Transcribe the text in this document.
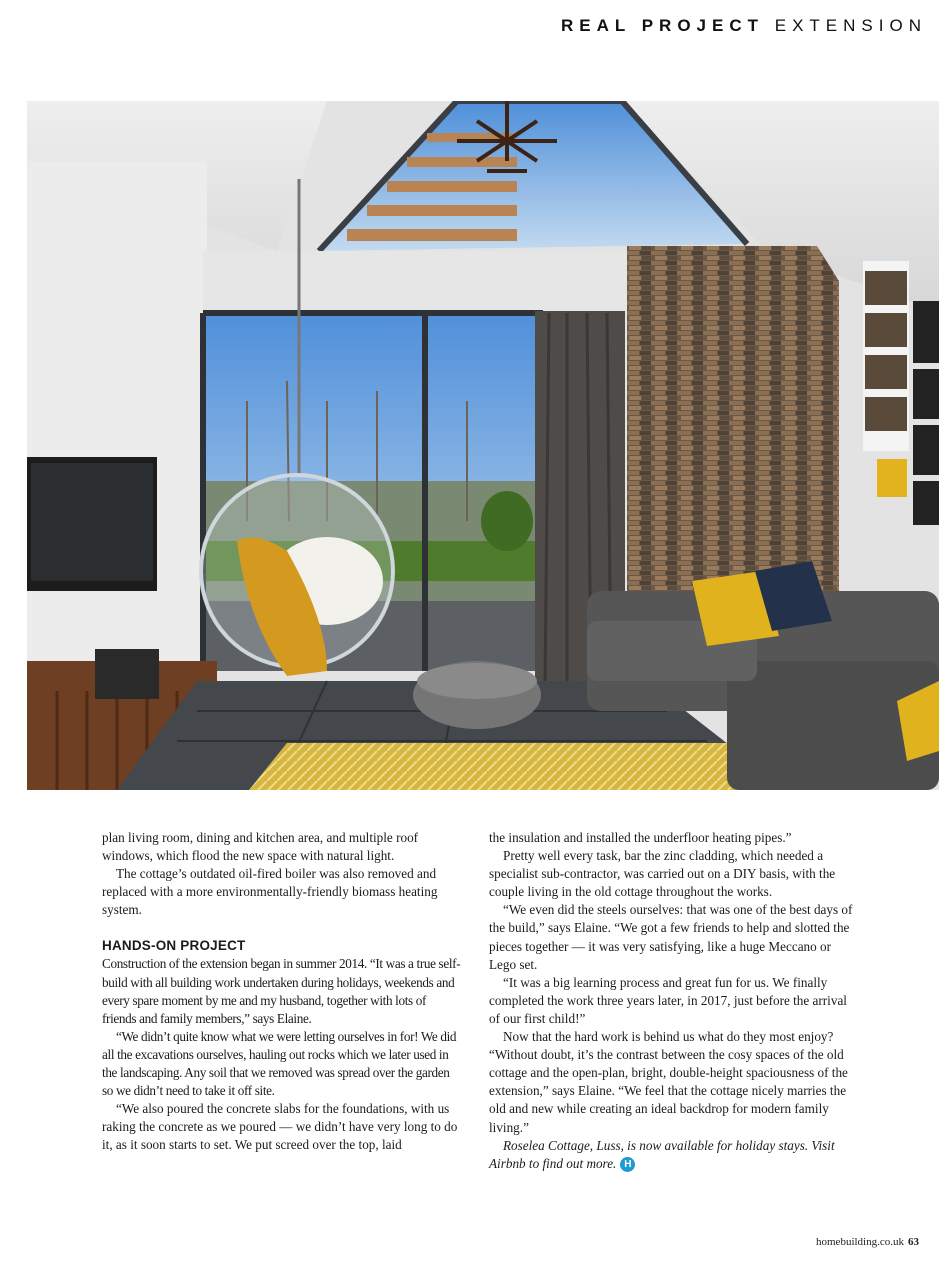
REAL PROJECT EXTENSION

plan living room, dining and kitchen area, and multiple roof windows, which flood the new space with natural light.

The cottage’s outdated oil-fired boiler was also removed and replaced with a more environmentally-friendly biomass heating system.

HANDS-ON PROJECT

Construction of the extension began in summer 2014. “It was a true self-build with all building work undertaken during holidays, weekends and every spare moment by me and my husband, together with lots of friends and family members,” says Elaine.

“We didn’t quite know what we were letting ourselves in for! We did all the excavations ourselves, hauling out rocks which we later used in the landscaping. Any soil that we removed was spread over the garden so we didn’t need to take it off site.

“We also poured the concrete slabs for the foundations, with us raking the concrete as we poured — we didn’t have very long to do it, as it soon starts to set. We put screed over the top, laid

the insulation and installed the underfloor heating pipes.”

Pretty well every task, bar the zinc cladding, which needed a specialist sub-contractor, was carried out on a DIY basis, with the couple living in the old cottage throughout the works.

“We even did the steels ourselves: that was one of the best days of the build,” says Elaine. “We got a few friends to help and slotted the pieces together — it was very satisfying, like a huge Meccano or Lego set.

“It was a big learning process and great fun for us. We finally completed the work three years later, in 2017, just before the arrival of our first child!”

Now that the hard work is behind us what do they most enjoy? “Without doubt, it’s the contrast between the cosy spaces of the old cottage and the open-plan, bright, double-height spaciousness of the extension,” says Elaine. “We feel that the cottage nicely marries the old and new while creating an ideal backdrop for modern family living.”

Roselea Cottage, Luss, is now available for holiday stays. Visit Airbnb to find out more. H

homebuilding.co.uk 63
